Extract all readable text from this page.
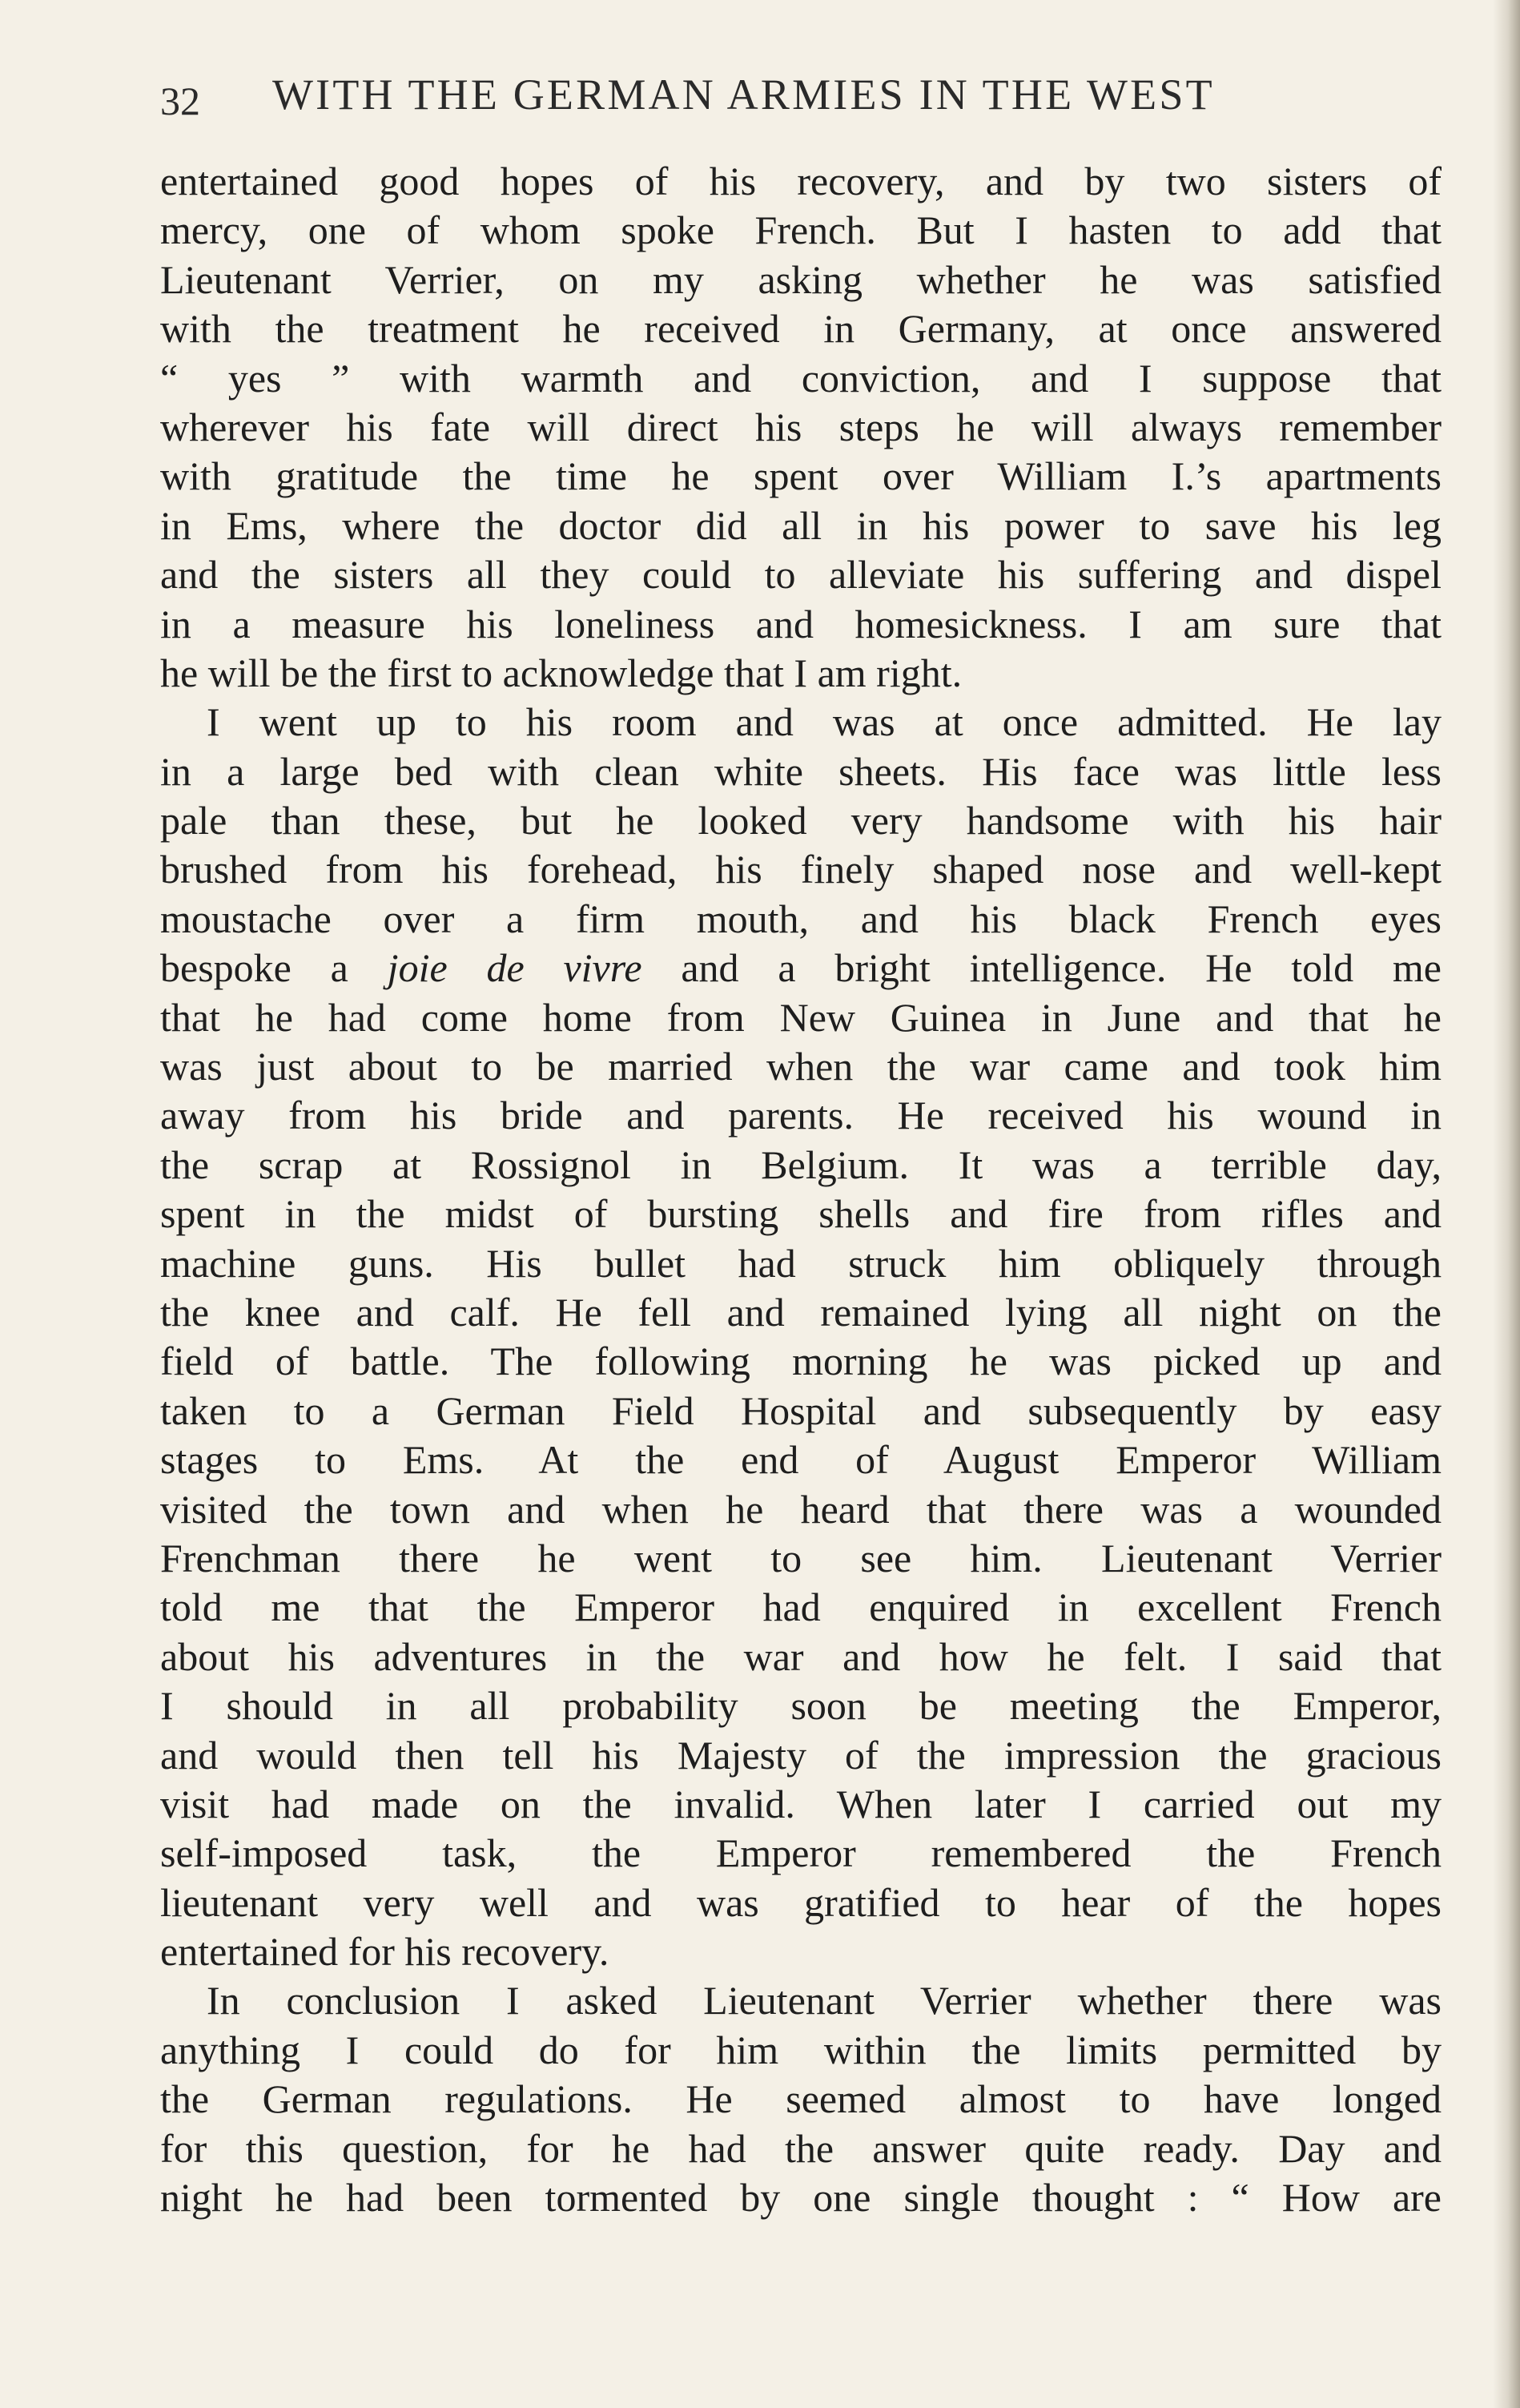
32 WITH THE GERMAN ARMIES IN THE WEST
entertained good hopes of his recovery, and by two sisters of
mercy, one of whom spoke French. But I hasten to add that
Lieutenant Verrier, on my asking whether he was satisfied
with the treatment he received in Germany, at once answered
“ yes ” with warmth and conviction, and I suppose that
wherever his fate will direct his steps he will always remember
with gratitude the time he spent over William I.’s apartments
in Ems, where the doctor did all in his power to save his leg
and the sisters all they could to alleviate his suffering and dispel
in a measure his loneliness and homesickness. I am sure that
he will be the first to acknowledge that I am right.
I went up to his room and was at once admitted. He lay
in a large bed with clean white sheets. His face was little less
pale than these, but he looked very handsome with his hair
brushed from his forehead, his finely shaped nose and well-kept
moustache over a firm mouth, and his black French eyes
bespoke a joie de vivre and a bright intelligence. He told me
that he had come home from New Guinea in June and that he
was just about to be married when the war came and took him
away from his bride and parents. He received his wound in
the scrap at Rossignol in Belgium. It was a terrible day,
spent in the midst of bursting shells and fire from rifles and
machine guns. His bullet had struck him obliquely through
the knee and calf. He fell and remained lying all night on the
field of battle. The following morning he was picked up and
taken to a German Field Hospital and subsequently by easy
stages to Ems. At the end of August Emperor William
visited the town and when he heard that there was a wounded
Frenchman there he went to see him. Lieutenant Verrier
told me that the Emperor had enquired in excellent French
about his adventures in the war and how he felt. I said that
I should in all probability soon be meeting the Emperor,
and would then tell his Majesty of the impression the gracious
visit had made on the invalid. When later I carried out my
self-imposed task, the Emperor remembered the French
lieutenant very well and was gratified to hear of the hopes
entertained for his recovery.
In conclusion I asked Lieutenant Verrier whether there was
anything I could do for him within the limits permitted by
the German regulations. He seemed almost to have longed
for this question, for he had the answer quite ready. Day and
night he had been tormented by one single thought : “ How are
